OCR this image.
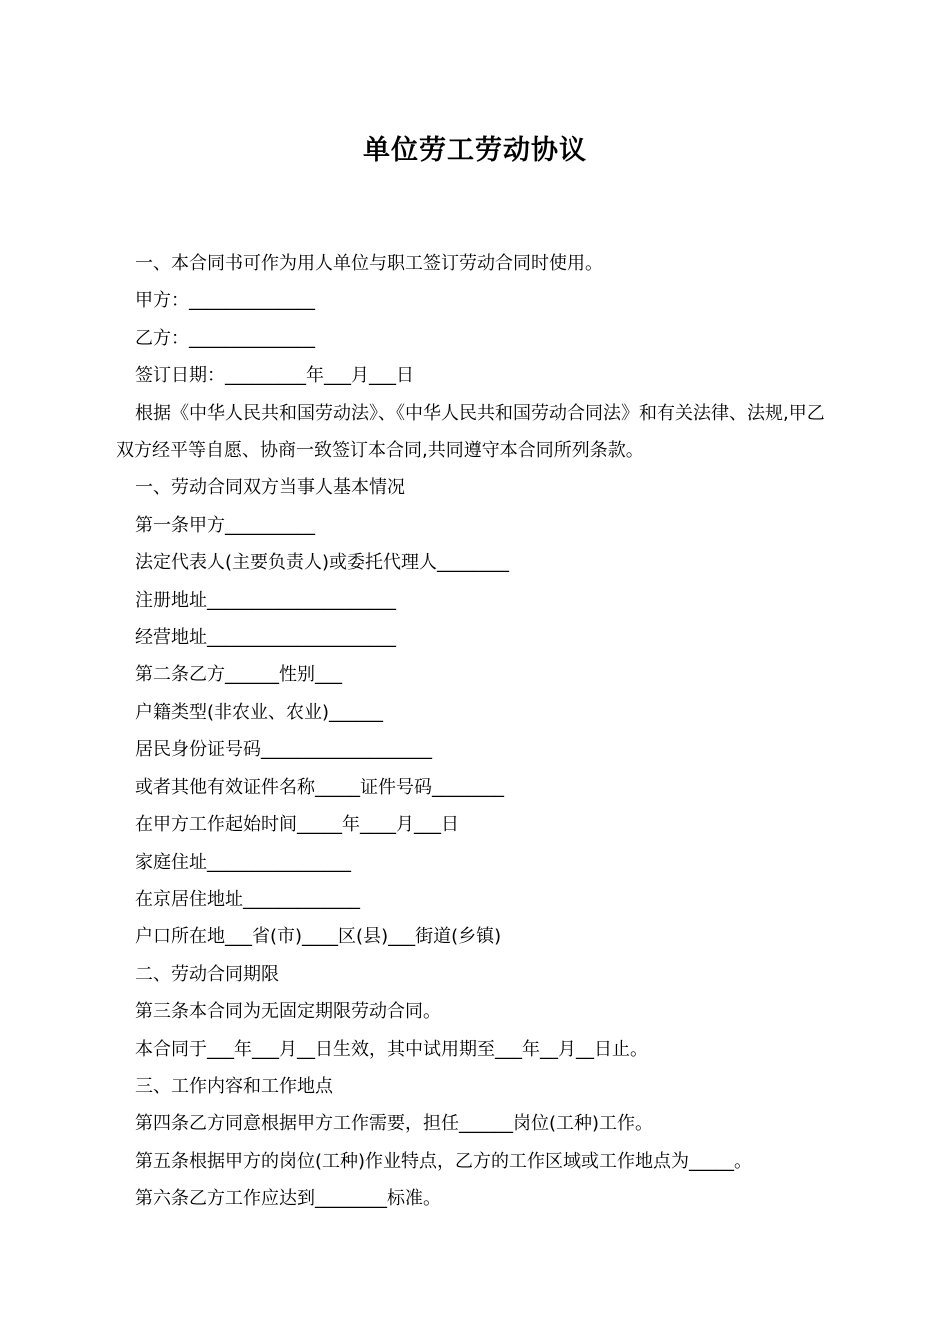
单位劳工劳动协议

一、本合同书可作为用人单位与职工签订劳动合同时使用。

甲方：______________

乙方：______________

签订日期：_________年___月___日

根据《中华人民共和国劳动法》、《中华人民共和国劳动合同法》和有关法律、法规,甲乙双方经平等自愿、协商一致签订本合同,共同遵守本合同所列条款。

一、劳动合同双方当事人基本情况

第一条甲方__________

法定代表人(主要负责人)或委托代理人________

注册地址_____________________

经营地址_____________________

第二条乙方______性别___

户籍类型(非农业、农业)______

居民身份证号码___________________

或者其他有效证件名称_____证件号码________

在甲方工作起始时间_____年____月___日

家庭住址________________

在京居住地址_____________

户口所在地___省(市)____区(县)___街道(乡镇)

二、劳动合同期限

第三条本合同为无固定期限劳动合同。

本合同于___年___月__日生效，其中试用期至___年__月__日止。

三、工作内容和工作地点

第四条乙方同意根据甲方工作需要，担任______岗位(工种)工作。

第五条根据甲方的岗位(工种)作业特点，乙方的工作区域或工作地点为_____。

第六条乙方工作应达到________标准。
